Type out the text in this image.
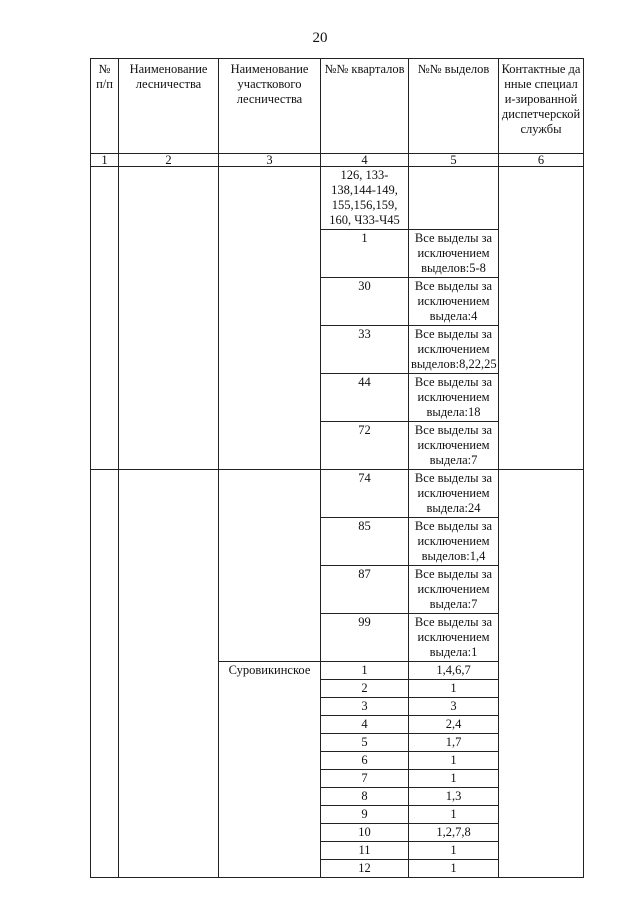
20
№ п/п	Наименование лесничества	Наименование участкового лесничества	№№ кварталов	№№ выделов	Контактные данные специали-зированной диспетчерской службы
1	2	3	4	5	6
			126, 133-138,144-149, 155,156,159, 160, Ч33-Ч45		
			1	Все выделы за исключением выделов:5-8	
			30	Все выделы за исключением выдела:4	
			33	Все выделы за исключением выделов:8,22,25	
			44	Все выделы за исключением выдела:18	
			72	Все выделы за исключением выдела:7	
			74	Все выделы за исключением выдела:24	
			85	Все выделы за исключением выделов:1,4	
			87	Все выделы за исключением выдела:7	
			99	Все выделы за исключением выдела:1	
		Суровикинское	1	1,4,6,7	
			2	1	
			3	3	
			4	2,4	
			5	1,7	
			6	1	
			7	1	
			8	1,3	
			9	1	
			10	1,2,7,8	
			11	1	
			12	1	
